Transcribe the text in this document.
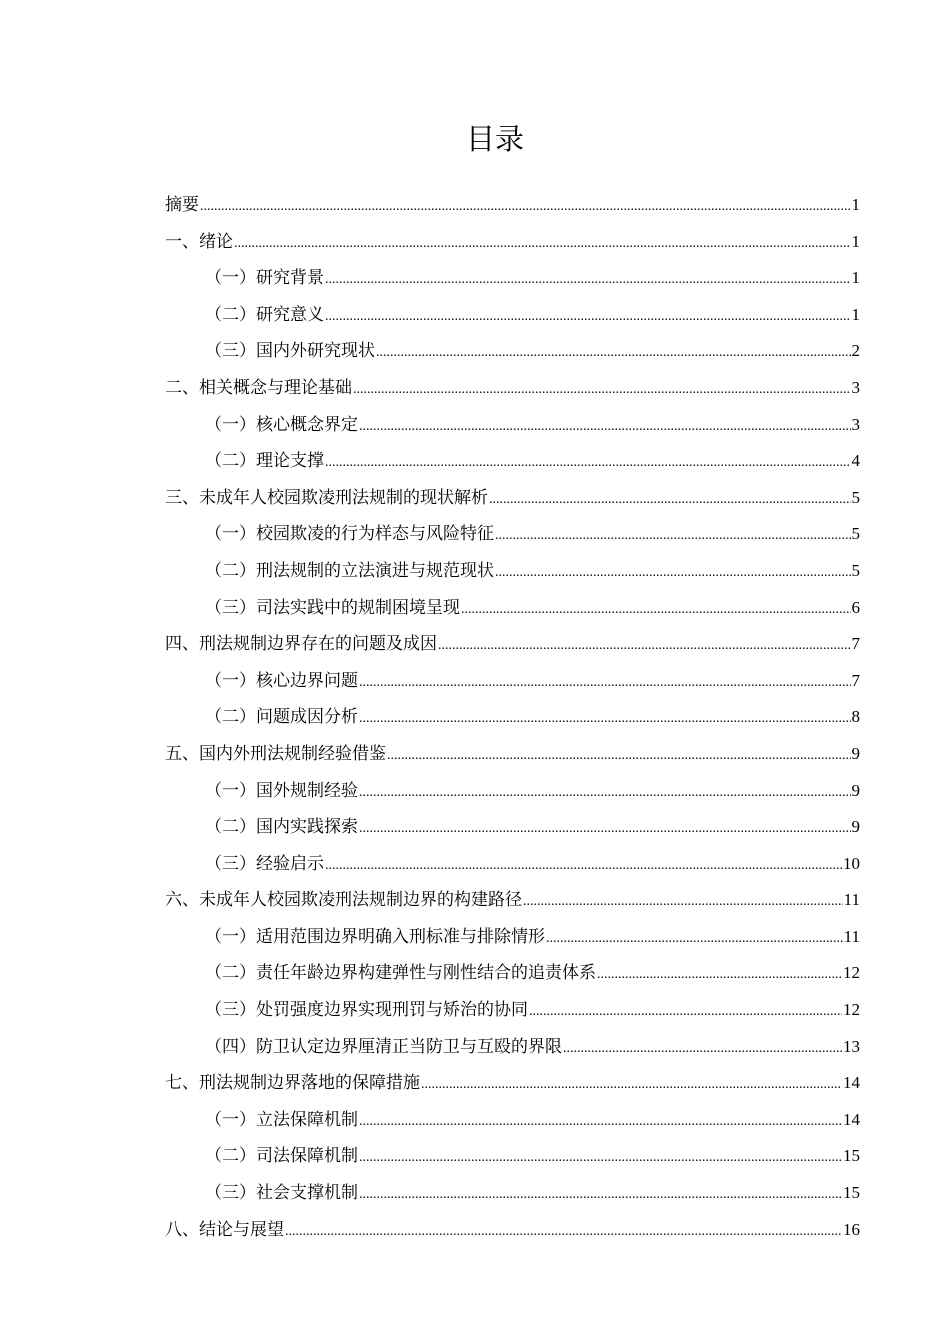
目录
摘要 .....	1
一、绪论 .....	1
（一）研究背景 .....	1
（二）研究意义 .....	1
（三）国内外研究现状 .....	2
二、相关概念与理论基础 .....	3
（一）核心概念界定 .....	3
（二）理论支撑 .....	4
三、未成年人校园欺凌刑法规制的现状解析 .....	5
（一）校园欺凌的行为样态与风险特征 .....	5
（二）刑法规制的立法演进与规范现状 .....	5
（三）司法实践中的规制困境呈现 .....	6
四、刑法规制边界存在的问题及成因 .....	7
（一）核心边界问题 .....	7
（二）问题成因分析 .....	8
五、国内外刑法规制经验借鉴 .....	9
（一）国外规制经验 .....	9
（二）国内实践探索 .....	9
（三）经验启示 .....	10
六、未成年人校园欺凌刑法规制边界的构建路径 .....	11
（一）适用范围边界明确入刑标准与排除情形 .....	11
（二）责任年龄边界构建弹性与刚性结合的追责体系 .....	12
（三）处罚强度边界实现刑罚与矫治的协同 .....	12
（四）防卫认定边界厘清正当防卫与互殴的界限 .....	13
七、刑法规制边界落地的保障措施 .....	14
（一）立法保障机制 .....	14
（二）司法保障机制 .....	15
（三）社会支撑机制 .....	15
八、结论与展望 .....	16
